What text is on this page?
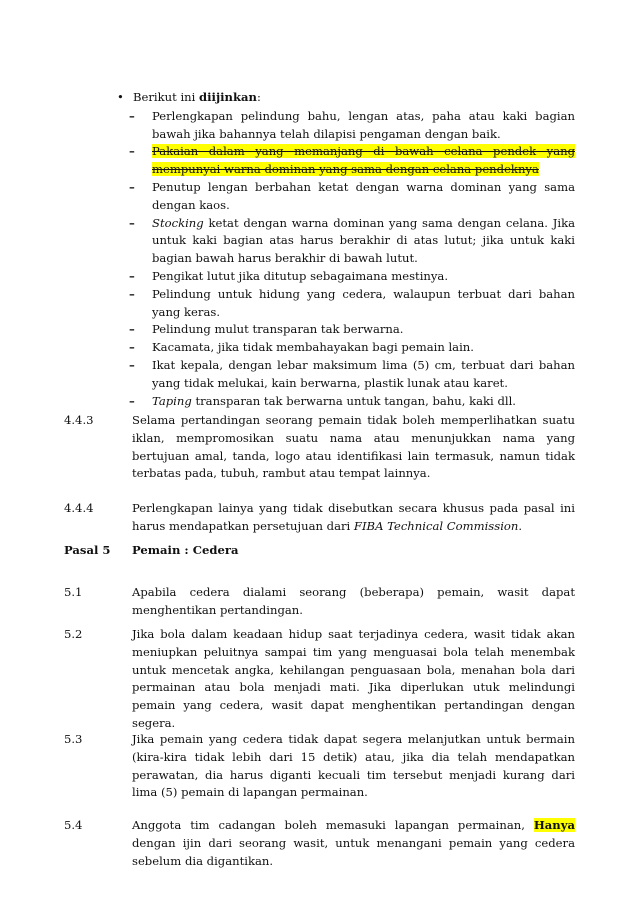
• Berikut ini diijinkan:
– Perlengkapan pelindung bahu, lengan atas, paha atau kaki bagian bawah jika bahannya telah dilapisi pengaman dengan baik.
– Pakaian dalam yang memanjang di bawah celana pendek yang mempunyai warna dominan yang sama dengan celana pendeknya
– Penutup lengan berbahan ketat dengan warna dominan yang sama dengan kaos.
– Stocking ketat dengan warna dominan yang sama dengan celana. Jika untuk kaki bagian atas harus berakhir di atas lutut; jika untuk kaki bagian bawah harus berakhir di bawah lutut.
– Pengikat lutut jika ditutup sebagaimana mestinya.
– Pelindung untuk hidung yang cedera, walaupun terbuat dari bahan yang keras.
– Pelindung mulut transparan tak berwarna.
– Kacamata, jika tidak membahayakan bagi pemain lain.
– Ikat kepala, dengan lebar maksimum lima (5) cm, terbuat dari bahan yang tidak melukai, kain berwarna, plastik lunak atau karet.
– Taping transparan tak berwarna untuk tangan, bahu, kaki dll.
4.4.3	Selama pertandingan seorang pemain tidak boleh memperlihatkan suatu iklan, mempromosikan suatu nama atau menunjukkan nama yang bertujuan amal, tanda, logo atau identifikasi lain termasuk, namun tidak terbatas pada, tubuh, rambut atau tempat lainnya.
4.4.4	Perlengkapan lainya yang tidak disebutkan secara khusus pada pasal ini harus mendapatkan persetujuan dari FIBA Technical Commission.
Pasal 5 Pemain : Cedera
5.1	Apabila cedera dialami seorang (beberapa) pemain, wasit dapat menghentikan pertandingan.
5.2	Jika bola dalam keadaan hidup saat terjadinya cedera, wasit tidak akan meniupkan peluitnya sampai tim yang menguasai bola telah menembak untuk mencetak angka, kehilangan penguasaan bola, menahan bola dari permainan atau bola menjadi mati. Jika diperlukan utuk melindungi pemain yang cedera, wasit dapat menghentikan pertandingan dengan segera.
5.3	Jika pemain yang cedera tidak dapat segera melanjutkan untuk bermain (kira-kira tidak lebih dari 15 detik) atau, jika dia telah mendapatkan perawatan, dia harus diganti kecuali tim tersebut menjadi kurang dari lima (5) pemain di lapangan permainan.
5.4	Anggota tim cadangan boleh memasuki lapangan permainan, Hanya dengan ijin dari seorang wasit, untuk menangani pemain yang cedera sebelum dia digantikan.
